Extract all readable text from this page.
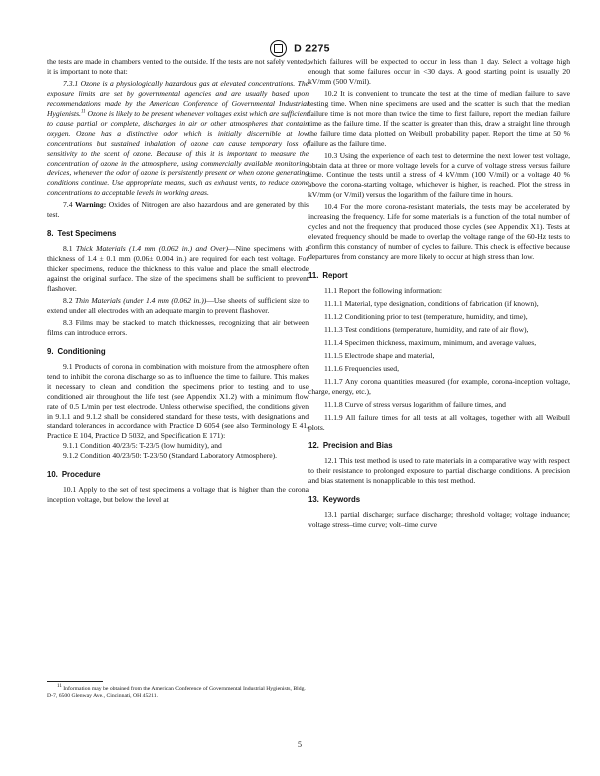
D 2275

the tests are made in chambers vented to the outside. If the tests are not safely vented, it is important to note that:

7.3.1 Ozone is a physiologically hazardous gas at elevated concentrations. The exposure limits are set by governmental agencies and are usually based upon recommendations made by the American Conference of Governmental Industrial Hygienists.$^{11}$ Ozone is likely to be present whenever voltages exist which are sufficient to cause partial or complete, discharges in air or other atmospheres that contain oxygen. Ozone has a distinctive odor which is initially discernible at low concentrations but sustained inhalation of ozone can cause temporary loss of sensitivity to the scent of ozone. Because of this it is important to measure the concentration of ozone in the atmosphere, using commercially available monitoring devices, whenever the odor of ozone is persistently present or when ozone generating conditions continue. Use appropriate means, such as exhaust vents, to reduce ozone concentrations to acceptable levels in working areas.

7.4 Warning: Oxides of Nitrogen are also hazardous and are generated by this test.

8. Test Specimens

8.1 Thick Materials (1.4 mm (0.062 in.) and Over)—Nine specimens with a thickness of 1.4 ± 0.1 mm (0.06± 0.004 in.) are required for each test voltage. For thicker specimens, reduce the thickness to this value and place the small electrode against the original surface. The size of the specimens shall be sufficient to prevent flashover.

8.2 Thin Materials (under 1.4 mm (0.062 in.))—Use sheets of sufficient size to extend under all electrodes with an adequate margin to prevent flashover.

8.3 Films may be stacked to match thicknesses, recognizing that air between films can introduce errors.

9. Conditioning

9.1 Products of corona in combination with moisture from the atmosphere often tend to inhibit the corona discharge so as to influence the time to failure. This makes it necessary to clean and condition the specimens prior to testing and to use conditioned air throughout the life test (see Appendix X1.2) with a minimum flow rate of 0.5 L/min per test electrode. Unless otherwise specified, the conditions given in 9.1.1 and 9.1.2 shall be considered standard for these tests, with designations and standard tolerances in accordance with Practice D 6054 (see also Terminology E 41, Practice E 104, Practice D 5032, and Specification E 171):

9.1.1 Condition 40/23/5: T-23/5 (low humidity), and

9.1.2 Condition 40/23/50: T-23/50 (Standard Laboratory Atmosphere).

10. Procedure

10.1 Apply to the set of test specimens a voltage that is higher than the corona inception voltage, but below the level at

$^{11}$ Information may be obtained from the American Conference of Governmental Industrial Hygienists, Bldg. D-7, 6500 Glenway Ave., Cincinnati, OH 45211.

which failures will be expected to occur in less than 1 day. Select a voltage high enough that some failures occur in <30 days. A good starting point is usually 20 kV/mm (500 V/mil).

10.2 It is convenient to truncate the test at the time of median failure to save testing time. When nine specimens are used and the scatter is such that the median failure time is not more than twice the time to first failure, report the median failure time as the failure time. If the scatter is greater than this, draw a straight line through the failure time data plotted on Weibull probability paper. Report the time at 50 % failure as the failure time.

10.3 Using the experience of each test to determine the next lower test voltage, obtain data at three or more voltage levels for a curve of voltage stress versus failure time. Continue the tests until a stress of 4 kV/mm (100 V/mil) or a voltage 40 % above the corona-starting voltage, whichever is higher, is reached. Plot the stress in kV/mm (or V/mil) versus the logarithm of the failure time in hours.

10.4 For the more corona-resistant materials, the tests may be accelerated by increasing the frequency. Life for some materials is a function of the total number of cycles and not the frequency that produced those cycles (see Appendix X1). Tests at elevated frequency should be made to overlap the voltage range of the 60-Hz tests to confirm this constancy of number of cycles to failure. This check is effective because departures from constancy are more likely to occur at high stress than low.

11. Report

11.1 Report the following information:

11.1.1 Material, type designation, conditions of fabrication (if known),

11.1.2 Conditioning prior to test (temperature, humidity, and time),

11.1.3 Test conditions (temperature, humidity, and rate of air flow),

11.1.4 Specimen thickness, maximum, minimum, and average values,

11.1.5 Electrode shape and material,

11.1.6 Frequencies used,

11.1.7 Any corona quantities measured (for example, corona-inception voltage, charge, energy, etc.),

11.1.8 Curve of stress versus logarithm of failure times, and

11.1.9 All failure times for all tests at all voltages, together with all Weibull plots.

12. Precision and Bias

12.1 This test method is used to rate materials in a comparative way with respect to their resistance to prolonged exposure to partial discharge conditions. A precision and bias statement is nonapplicable to this test method.

13. Keywords

13.1 partial discharge; surface discharge; threshold voltage; voltage induance; voltage stress–time curve; volt–time curve

5
